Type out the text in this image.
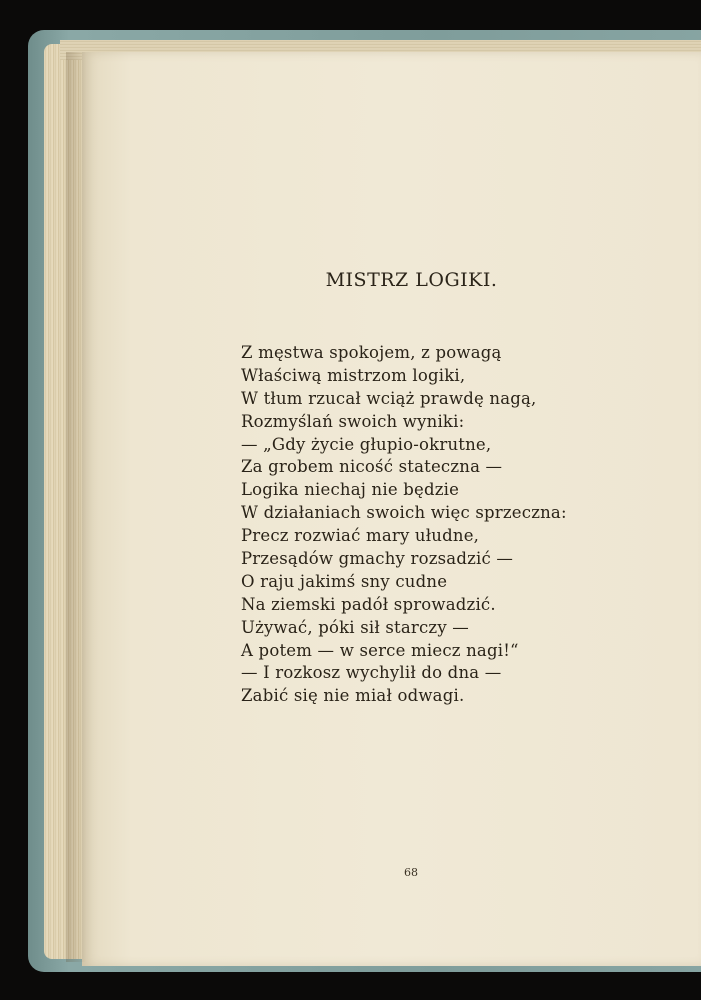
MISTRZ LOGIKI.
Z męstwa spokojem, z powagą
Właściwą mistrzom logiki,
W tłum rzucał wciąż prawdę nagą,
Rozmyślań swoich wyniki:
— „Gdy życie głupio-okrutne,
Za grobem nicość stateczna —
Logika niechaj nie będzie
W działaniach swoich więc sprzeczna:
Precz rozwiać mary ułudne,
Przesądów gmachy rozsadzić —
O raju jakimś sny cudne
Na ziemski padół sprowadzić.
Używać, póki sił starczy —
A potem — w serce miecz nagi!“
— I rozkosz wychylił do dna —
Zabić się nie miał odwagi.
68
